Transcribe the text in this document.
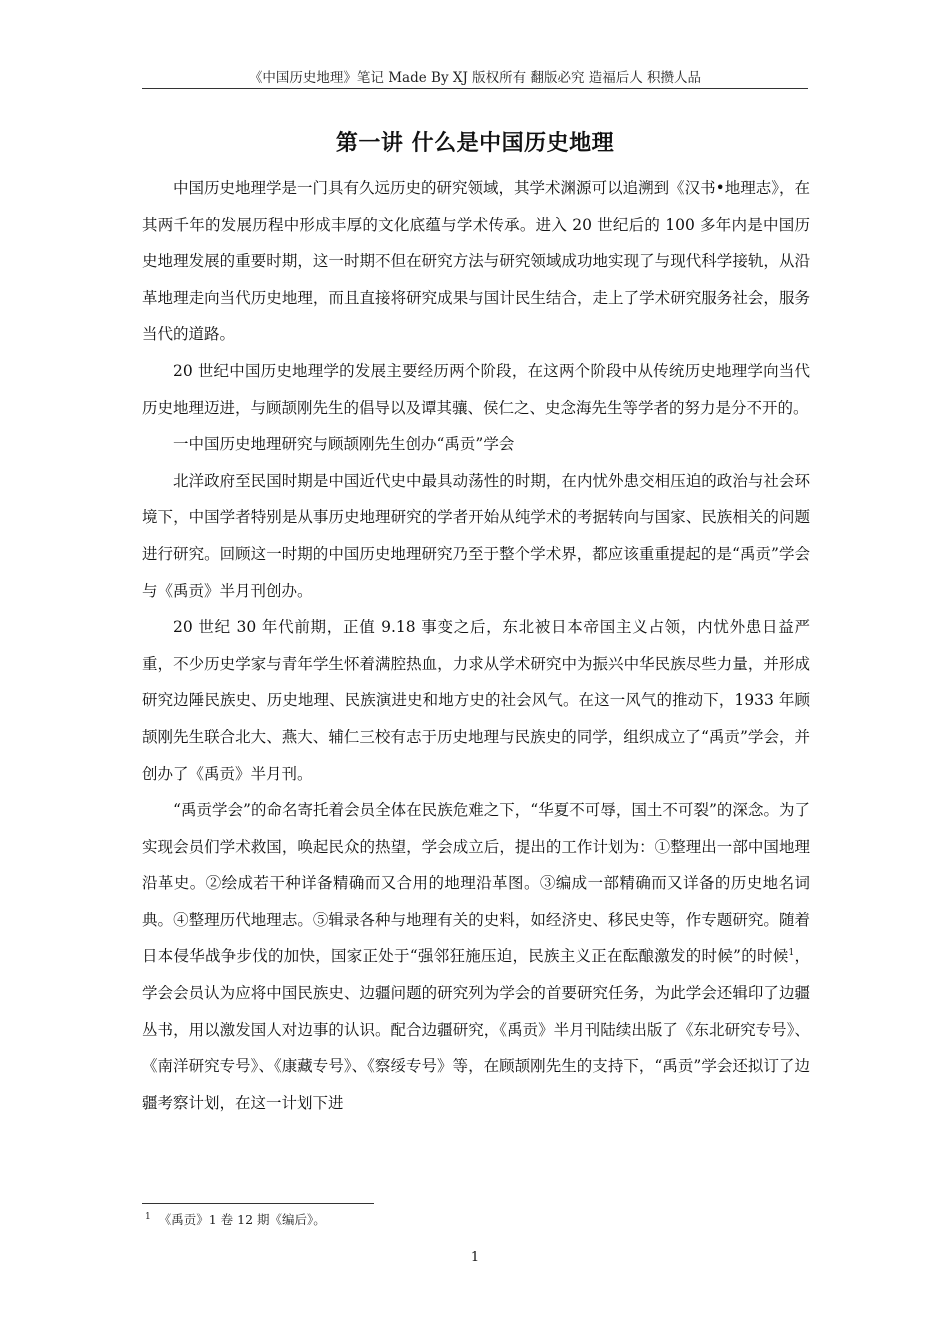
《中国历史地理》笔记 Made By XJ 版权所有 翻版必究 造福后人 积攒人品
第一讲 什么是中国历史地理

中国历史地理学是一门具有久远历史的研究领域，其学术渊源可以追溯到《汉书•地理志》，在其两千年的发展历程中形成丰厚的文化底蕴与学术传承。进入 20 世纪后的 100 多年内是中国历史地理发展的重要时期，这一时期不但在研究方法与研究领域成功地实现了与现代科学接轨，从沿革地理走向当代历史地理，而且直接将研究成果与国计民生结合，走上了学术研究服务社会，服务当代的道路。

20 世纪中国历史地理学的发展主要经历两个阶段，在这两个阶段中从传统历史地理学向当代历史地理迈进，与顾颉刚先生的倡导以及谭其骧、侯仁之、史念海先生等学者的努力是分不开的。

一中国历史地理研究与顾颉刚先生创办“禹贡”学会

北洋政府至民国时期是中国近代史中最具动荡性的时期，在内忧外患交相压迫的政治与社会环境下，中国学者特别是从事历史地理研究的学者开始从纯学术的考据转向与国家、民族相关的问题进行研究。回顾这一时期的中国历史地理研究乃至于整个学术界，都应该重重提起的是“禹贡”学会与《禹贡》半月刊创办。

20 世纪 30 年代前期，正值 9.18 事变之后，东北被日本帝国主义占领，内忧外患日益严重，不少历史学家与青年学生怀着满腔热血，力求从学术研究中为振兴中华民族尽些力量，并形成研究边陲民族史、历史地理、民族演进史和地方史的社会风气。在这一风气的推动下，1933 年顾颉刚先生联合北大、燕大、辅仁三校有志于历史地理与民族史的同学，组织成立了“禹贡”学会，并创办了《禹贡》半月刊。

“禹贡学会”的命名寄托着会员全体在民族危难之下，“华夏不可辱，国土不可裂”的深念。为了实现会员们学术救国，唤起民众的热望，学会成立后，提出的工作计划为：①整理出一部中国地理沿革史。②绘成若干种详备精确而又合用的地理沿革图。③编成一部精确而又详备的历史地名词典。④整理历代地理志。⑤辑录各种与地理有关的史料，如经济史、移民史等，作专题研究。随着日本侵华战争步伐的加快，国家正处于“强邻狂施压迫，民族主义正在酝酿激发的时候”的时候$^1$，学会会员认为应将中国民族史、边疆问题的研究列为学会的首要研究任务，为此学会还辑印了边疆丛书，用以激发国人对边事的认识。配合边疆研究，《禹贡》半月刊陆续出版了《东北研究专号》、《南洋研究专号》、《康藏专号》、《察绥专号》等，在顾颉刚先生的支持下，“禹贡”学会还拟订了边疆考察计划，在这一计划下进

$^1$ 《禹贡》1 卷 12 期《编后》。
1
